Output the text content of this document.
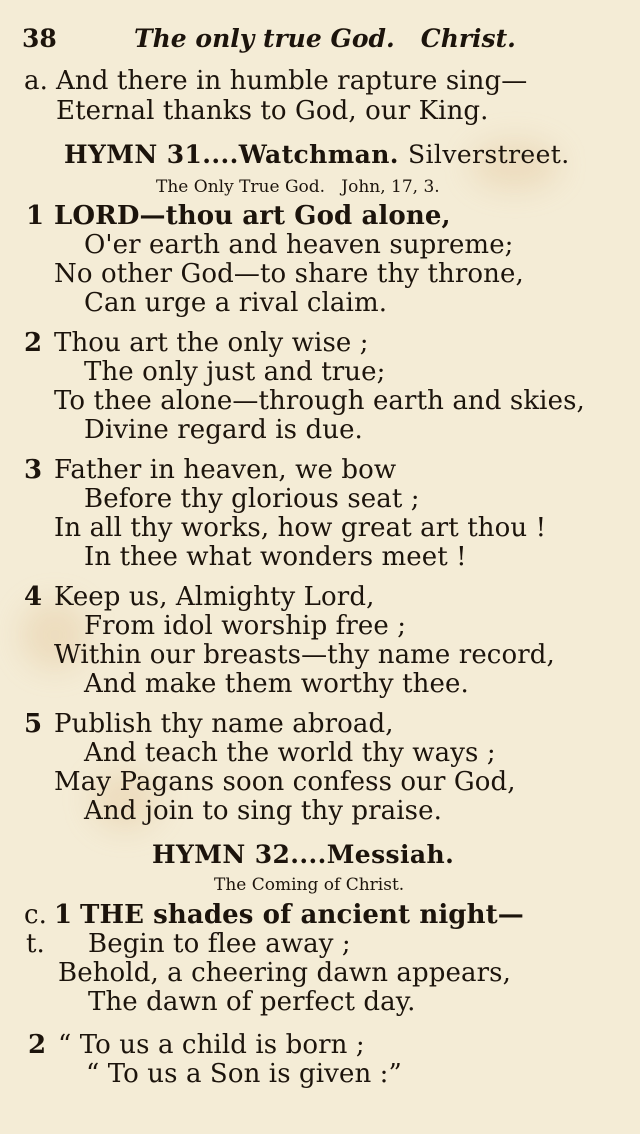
38	The only true God.   Christ.
a. And there in humble rapture sing—
Eternal thanks to God, our King.
HYMN 31....Watchman. Silverstreet.
The Only True God.   John, 17, 3.
1 LORD—thou art God alone,
O'er earth and heaven supreme;
No other God—to share thy throne,
Can urge a rival claim.
2 Thou art the only wise ;
The only just and true;
To thee alone—through earth and skies,
Divine regard is due.
3 Father in heaven, we bow
Before thy glorious seat ;
In all thy works, how great art thou !
In thee what wonders meet !
4 Keep us, Almighty Lord,
From idol worship free ;
Within our breasts—thy name record,
And make them worthy thee.
5 Publish thy name abroad,
And teach the world thy ways ;
May Pagans soon confess our God,
And join to sing thy praise.
HYMN 32....Messiah.
The Coming of Christ.
c. 1 THE shades of ancient night—
t. Begin to flee away ;
Behold, a cheering dawn appears,
The dawn of perfect day.
2 “ To us a child is born ;
“ To us a Son is given :”
